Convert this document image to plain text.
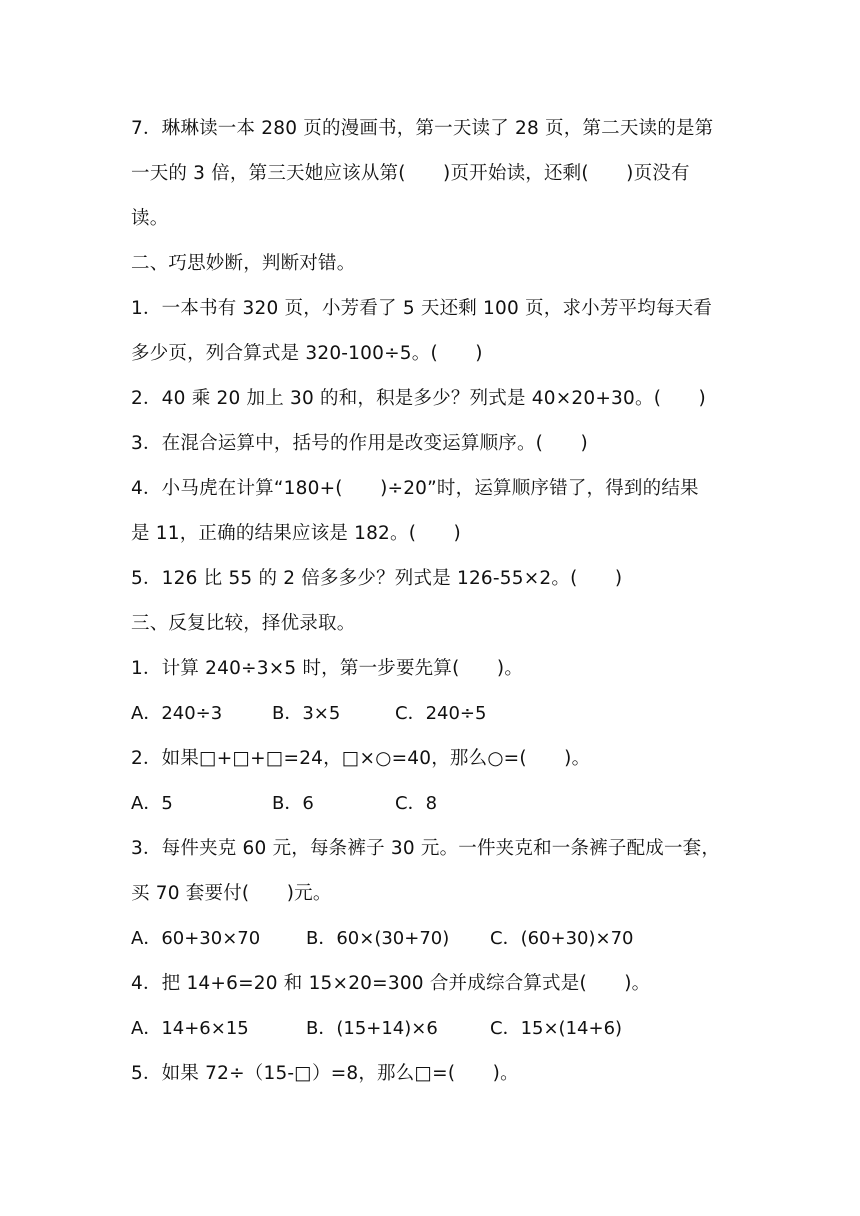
7．琳琳读一本 280 页的漫画书，第一天读了 28 页，第二天读的是第
一天的 3 倍，第三天她应该从第(　　)页开始读，还剩(　　)页没有
读。
二、巧思妙断，判断对错。
1．一本书有 320 页，小芳看了 5 天还剩 100 页，求小芳平均每天看
多少页，列合算式是 320-100÷5。(　　)
2．40 乘 20 加上 30 的和，积是多少？列式是 40×20+30。(　　)
3．在混合运算中，括号的作用是改变运算顺序。(　　)
4．小马虎在计算“180+(　　)÷20”时，运算顺序错了，得到的结果
是 11，正确的结果应该是 182。(　　)
5．126 比 55 的 2 倍多多少？列式是 126-55×2。(　　)
三、反复比较，择优录取。
1．计算 240÷3×5 时，第一步要先算(　　)。

A．240÷3

	B．3×5

	C．240÷5

2．如果□+□+□=24，□×○=40，那么○=(　　)。

A．5

	B．6

	C．8

3．每件夹克 60 元，每条裤子 30 元。一件夹克和一条裤子配成一套，
买 70 套要付(　　)元。

A．60+30×70

	B．60×(30+70)

C．(60+30)×70

4．把 14+6=20 和 15×20=300 合并成综合算式是(　　)。

A．14+6×15

	B．(15+14)×6

	C．15×(14+6)

5．如果 72÷（15-□）=8，那么□=(　　)。
